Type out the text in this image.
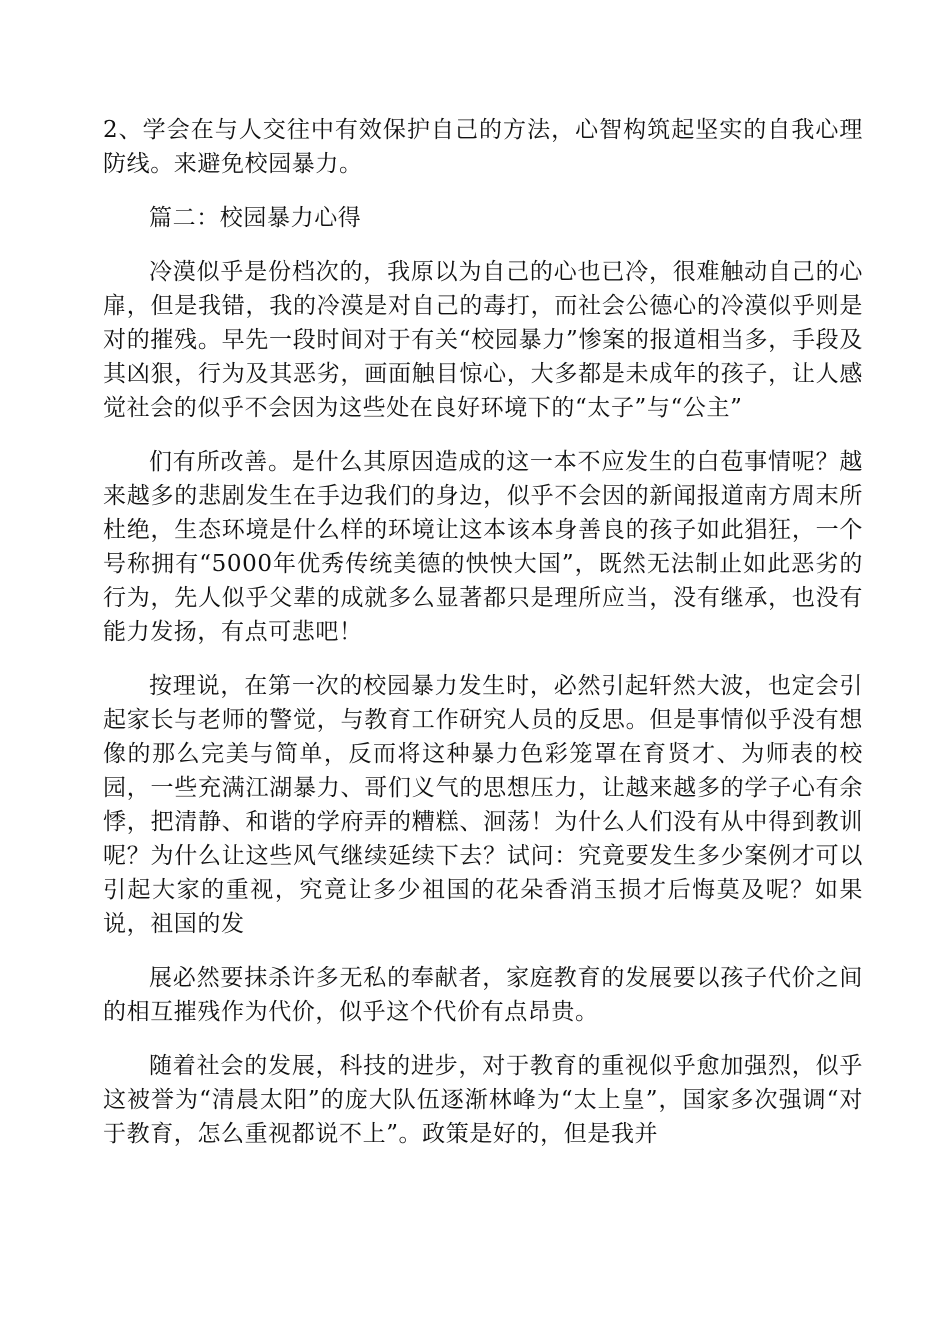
2、学会在与人交往中有效保护自己的方法，心智构筑起坚实的自我心理防线。来避免校园暴力。

篇二：校园暴力心得

冷漠似乎是份档次的，我原以为自己的心也已冷，很难触动自己的心扉，但是我错，我的冷漠是对自己的毒打，而社会公德心的冷漠似乎则是对的摧残。早先一段时间对于有关“校园暴力”惨案的报道相当多，手段及其凶狠，行为及其恶劣，画面触目惊心，大多都是未成年的孩子，让人感觉社会的似乎不会因为这些处在良好环境下的“太子”与“公主”

们有所改善。是什么其原因造成的这一本不应发生的白苞事情呢？越来越多的悲剧发生在手边我们的身边，似乎不会因的新闻报道南方周末所杜绝，生态环境是什么样的环境让这本该本身善良的孩子如此猖狂，一个号称拥有“5000年优秀传统美德的怏怏大国”，既然无法制止如此恶劣的行为，先人似乎父辈的成就多么显著都只是理所应当，没有继承，也没有能力发扬，有点可悲吧！

按理说，在第一次的校园暴力发生时，必然引起轩然大波，也定会引起家长与老师的警觉，与教育工作研究人员的反思。但是事情似乎没有想像的那么完美与简单，反而将这种暴力色彩笼罩在育贤才、为师表的校园，一些充满江湖暴力、哥们义气的思想压力，让越来越多的学子心有余悸，把清静、和谐的学府弄的糟糕、洄荡！为什么人们没有从中得到教训呢？为什么让这些风气继续延续下去？试问：究竟要发生多少案例才可以引起大家的重视，究竟让多少祖国的花朵香消玉损才后悔莫及呢？如果说，祖国的发

展必然要抹杀许多无私的奉献者，家庭教育的发展要以孩子代价之间的相互摧残作为代价，似乎这个代价有点昂贵。

随着社会的发展，科技的进步，对于教育的重视似乎愈加强烈，似乎这被誉为“清晨太阳”的庞大队伍逐渐林峰为“太上皇”，国家多次强调“对于教育，怎么重视都说不上”。政策是好的，但是我并
